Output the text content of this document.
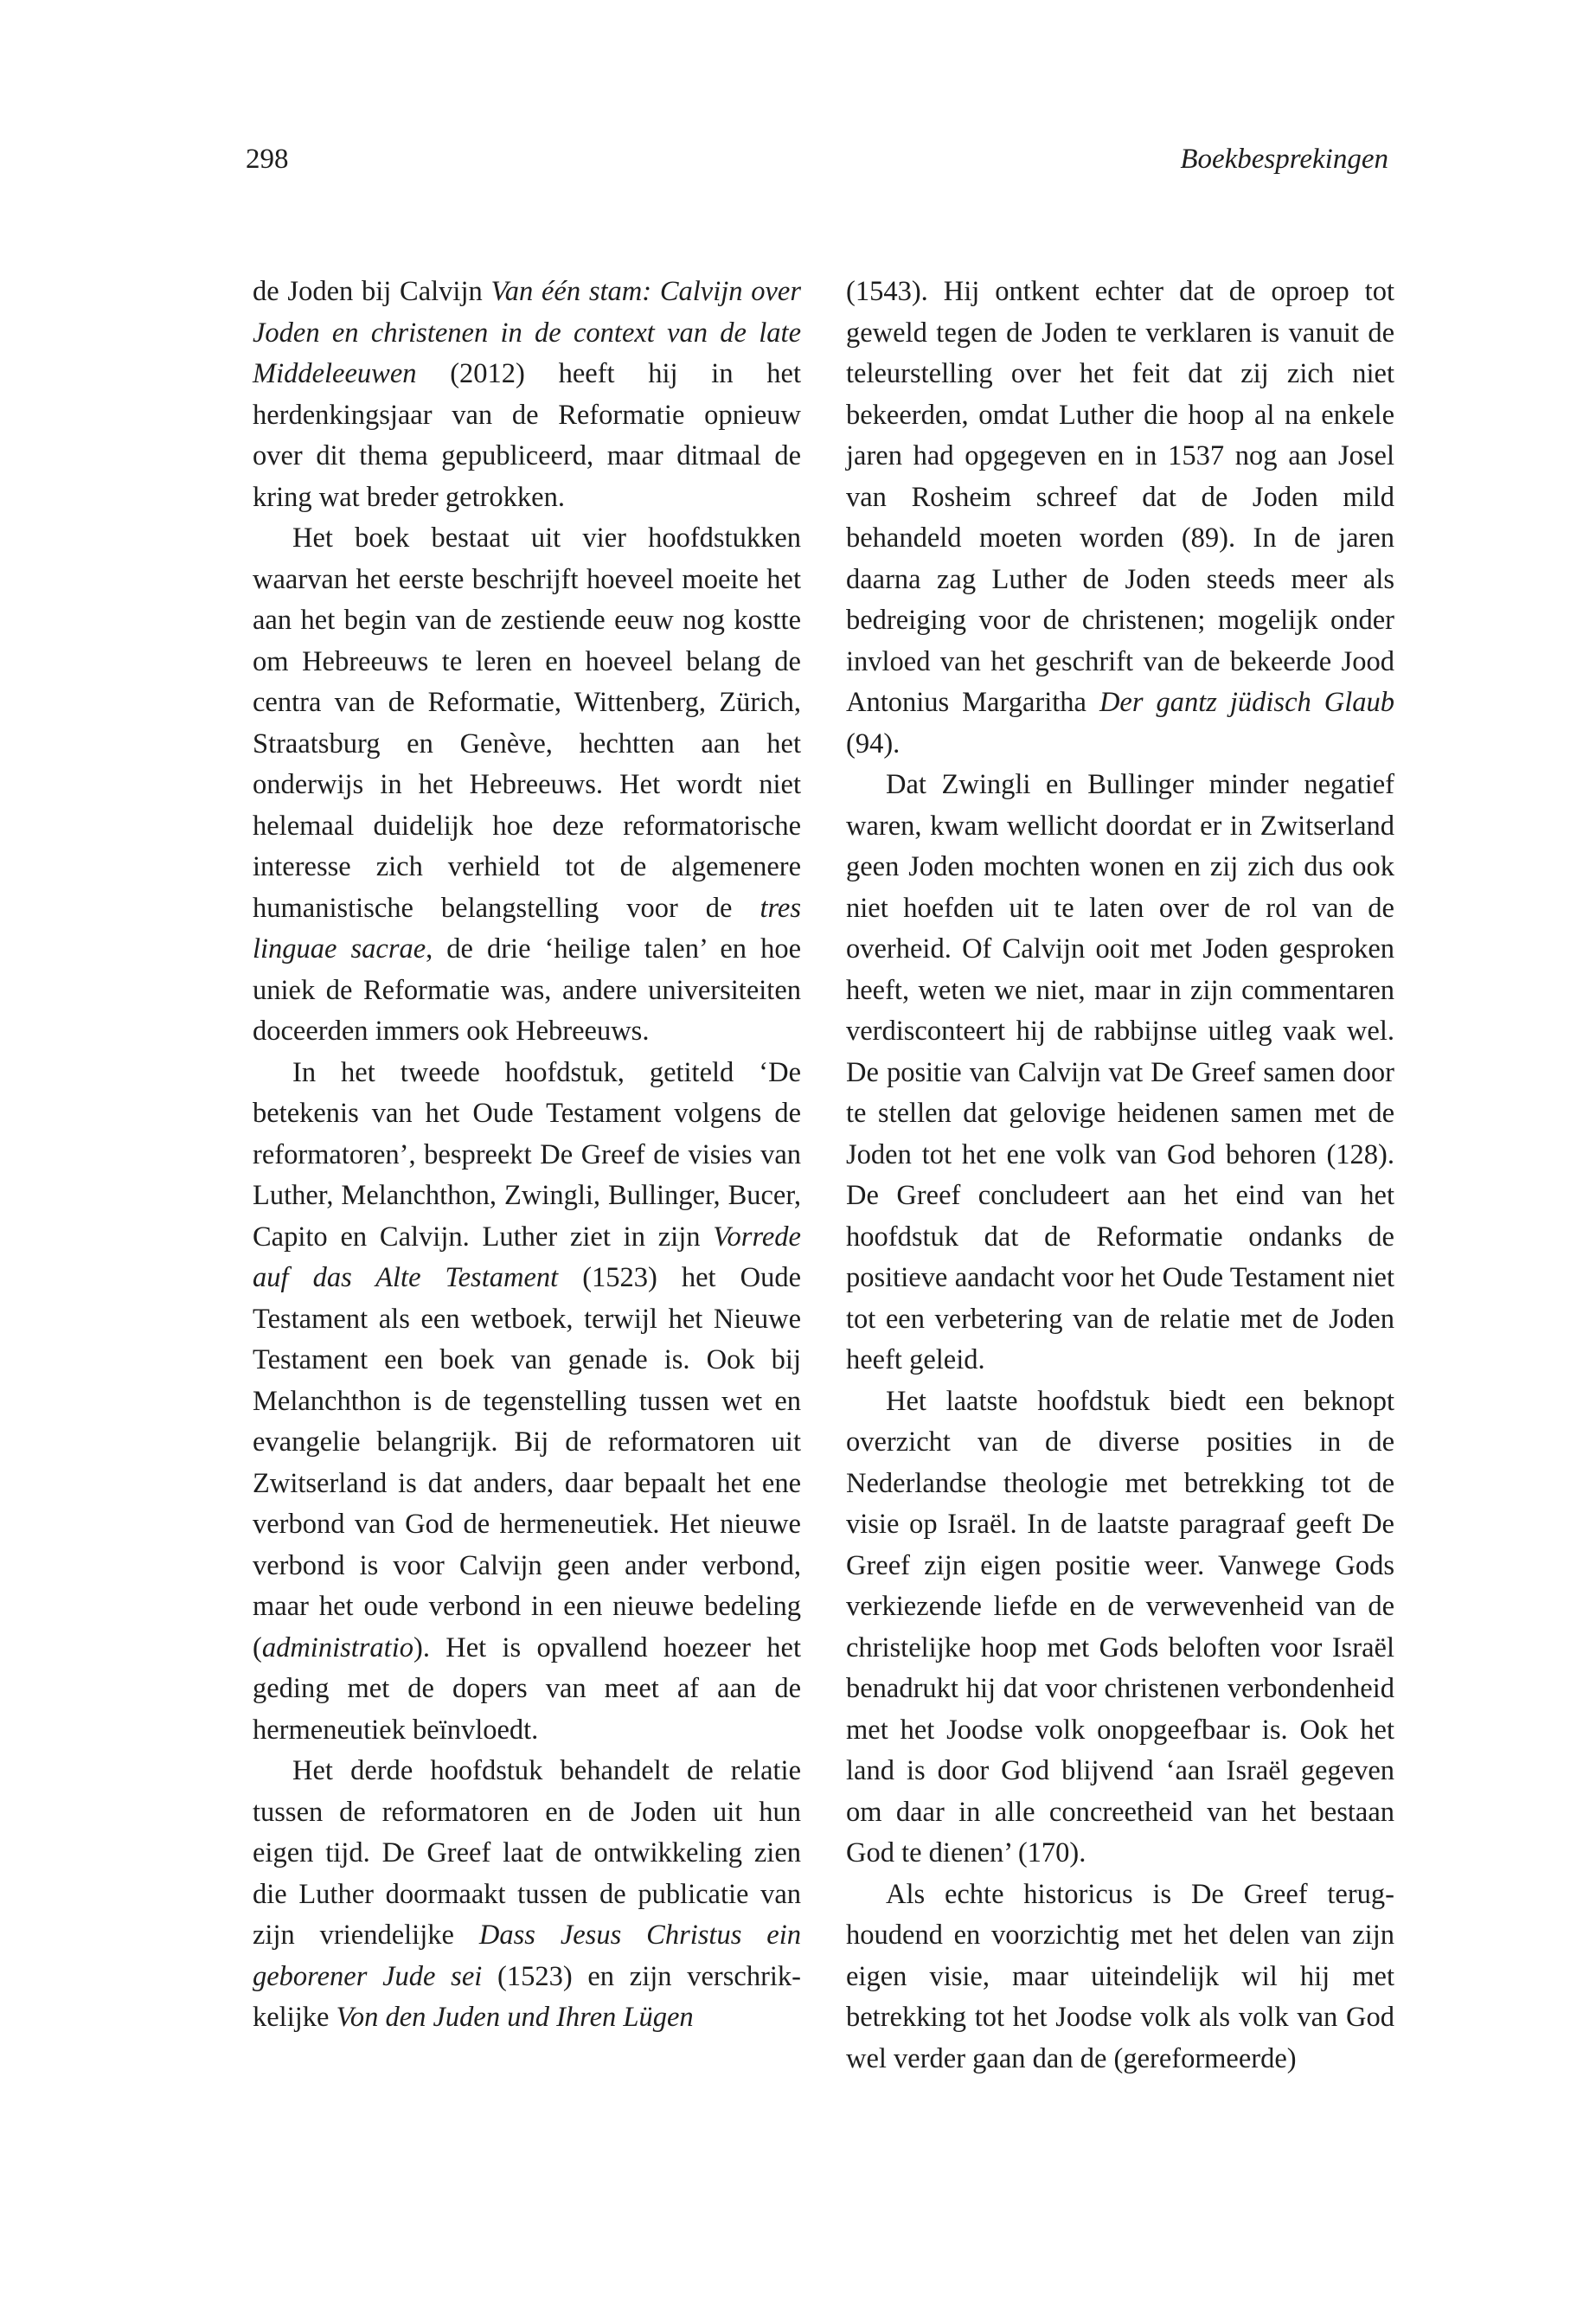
298	Boekbesprekingen

de Joden bij Calvijn Van één stam: Calvijn over Joden en christenen in de context van de late Middeleeuwen (2012) heeft hij in het herdenkingsjaar van de Reformatie opnieuw over dit thema gepubliceerd, maar ditmaal de kring wat breder getrokken.

Het boek bestaat uit vier hoofdstukken waarvan het eerste beschrijft hoeveel moeite het aan het begin van de zestiende eeuw nog kostte om Hebreeuws te leren en hoeveel belang de centra van de Reformatie, Wittenberg, Zürich, Straatsburg en Genève, hechtten aan het onderwijs in het Hebreeuws. Het wordt niet helemaal duidelijk hoe deze reformatorische interesse zich verhield tot de algemenere humanistische belangstelling voor de tres linguae sacrae, de drie ‘heilige talen’ en hoe uniek de Reformatie was, andere universiteiten doceerden immers ook Hebreeuws.

In het tweede hoofdstuk, getiteld ‘De betekenis van het Oude Testament volgens de reformatoren’, bespreekt De Greef de visies van Luther, Melanchthon, Zwingli, Bullinger, Bucer, Capito en Calvijn. Luther ziet in zijn Vorrede auf das Alte Testament (1523) het Oude Testament als een wetboek, terwijl het Nieuwe Testament een boek van genade is. Ook bij Melanchthon is de tegenstelling tussen wet en evangelie belangrijk. Bij de reformatoren uit Zwitserland is dat anders, daar bepaalt het ene verbond van God de hermeneutiek. Het nieuwe verbond is voor Calvijn geen ander verbond, maar het oude verbond in een nieuwe bedeling (administratio). Het is opvallend hoezeer het geding met de dopers van meet af aan de hermeneutiek beïnvloedt.

Het derde hoofdstuk behandelt de relatie tussen de reformatoren en de Joden uit hun eigen tijd. De Greef laat de ontwikkeling zien die Luther doormaakt tussen de publicatie van zijn vriendelijke Dass Jesus Christus ein geborener Jude sei (1523) en zijn verschrikkelijke Von den Juden und Ihren Lügen

(1543). Hij ontkent echter dat de oproep tot geweld tegen de Joden te verklaren is vanuit de teleurstelling over het feit dat zij zich niet bekeerden, omdat Luther die hoop al na enkele jaren had opgegeven en in 1537 nog aan Josel van Rosheim schreef dat de Joden mild behandeld moeten worden (89). In de jaren daarna zag Luther de Joden steeds meer als bedreiging voor de christenen; mogelijk onder invloed van het geschrift van de bekeerde Jood Antonius Margaritha Der gantz jüdisch Glaub (94).

Dat Zwingli en Bullinger minder negatief waren, kwam wellicht doordat er in Zwitserland geen Joden mochten wonen en zij zich dus ook niet hoefden uit te laten over de rol van de overheid. Of Calvijn ooit met Joden gesproken heeft, weten we niet, maar in zijn commentaren verdisconteert hij de rabbijnse uitleg vaak wel. De positie van Calvijn vat De Greef samen door te stellen dat gelovige heidenen samen met de Joden tot het ene volk van God behoren (128). De Greef concludeert aan het eind van het hoofdstuk dat de Reformatie ondanks de positieve aandacht voor het Oude Testament niet tot een verbetering van de relatie met de Joden heeft geleid.

Het laatste hoofdstuk biedt een beknopt overzicht van de diverse posities in de Nederlandse theologie met betrekking tot de visie op Israël. In de laatste paragraaf geeft De Greef zijn eigen positie weer. Vanwege Gods verkiezende liefde en de verwevenheid van de christelijke hoop met Gods beloften voor Israël benadrukt hij dat voor christenen verbondenheid met het Joodse volk onopgeefbaar is. Ook het land is door God blijvend ‘aan Israël gegeven om daar in alle concreetheid van het bestaan God te dienen’ (170).

Als echte historicus is De Greef terughoudend en voorzichtig met het delen van zijn eigen visie, maar uiteindelijk wil hij met betrekking tot het Joodse volk als volk van God wel verder gaan dan de (gereformeerde)
